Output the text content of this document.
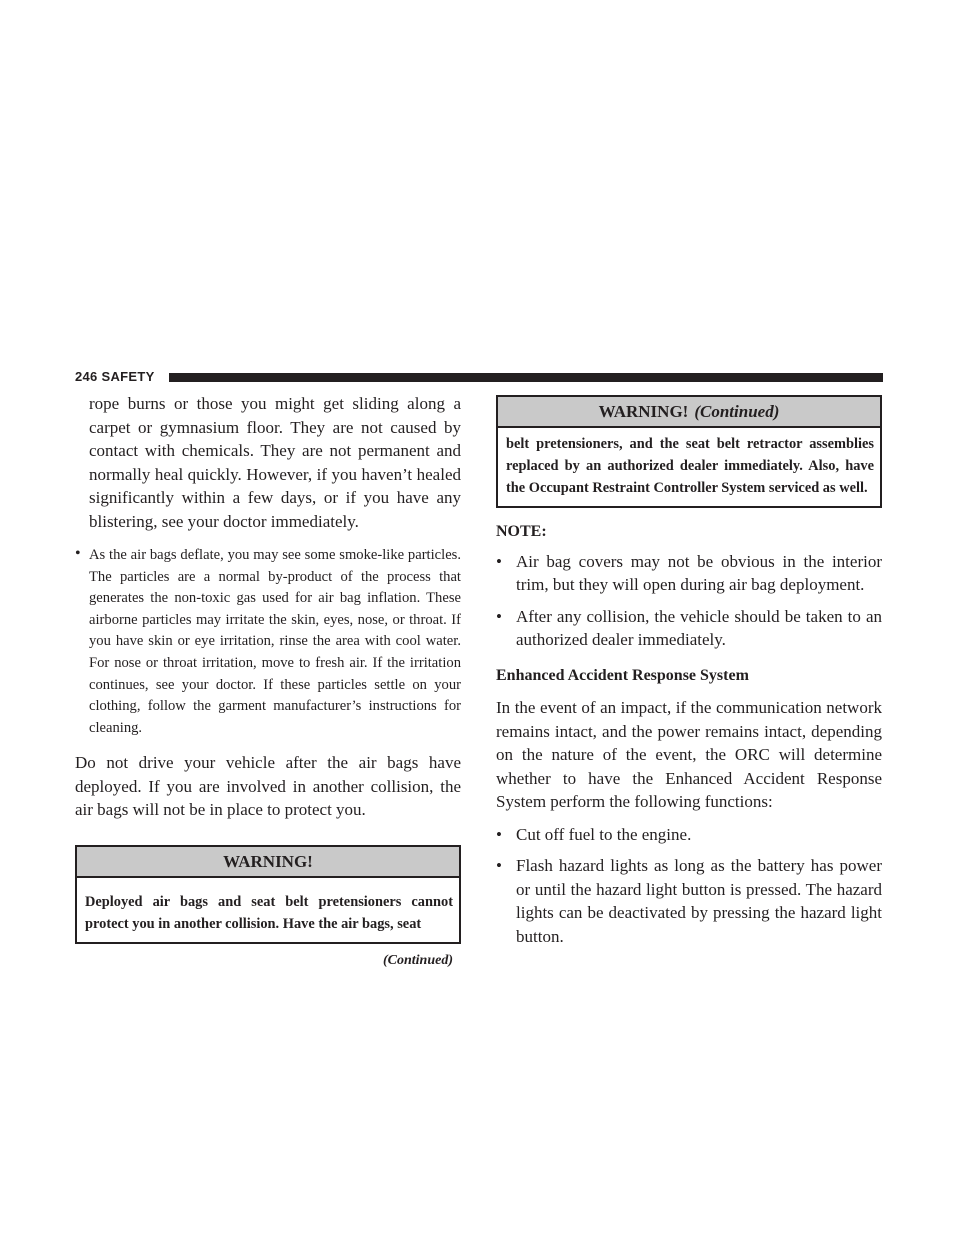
246 SAFETY

rope burns or those you might get sliding along a carpet or gymnasium floor. They are not caused by contact with chemicals. They are not permanent and normally heal quickly. However, if you haven’t healed significantly within a few days, or if you have any blistering, see your doctor immediately.

• As the air bags deflate, you may see some smoke-like particles. The particles are a normal by-product of the process that generates the non-toxic gas used for air bag inflation. These airborne particles may irritate the skin, eyes, nose, or throat. If you have skin or eye irritation, rinse the area with cool water. For nose or throat irritation, move to fresh air. If the irritation continues, see your doctor. If these particles settle on your clothing, follow the garment manufacturer’s instructions for cleaning.

Do not drive your vehicle after the air bags have deployed. If you are involved in another collision, the air bags will not be in place to protect you.

WARNING!
Deployed air bags and seat belt pretensioners cannot protect you in another collision. Have the air bags, seat
(Continued)
WARNING! (Continued)
belt pretensioners, and the seat belt retractor assemblies replaced by an authorized dealer immediately. Also, have the Occupant Restraint Controller System serviced as well.

NOTE:

• Air bag covers may not be obvious in the interior trim, but they will open during air bag deployment.

• After any collision, the vehicle should be taken to an authorized dealer immediately.

Enhanced Accident Response System

In the event of an impact, if the communication network remains intact, and the power remains intact, depending on the nature of the event, the ORC will determine whether to have the Enhanced Accident Response System perform the following functions:

• Cut off fuel to the engine.

• Flash hazard lights as long as the battery has power or until the hazard light button is pressed. The hazard lights can be deactivated by pressing the hazard light button.
